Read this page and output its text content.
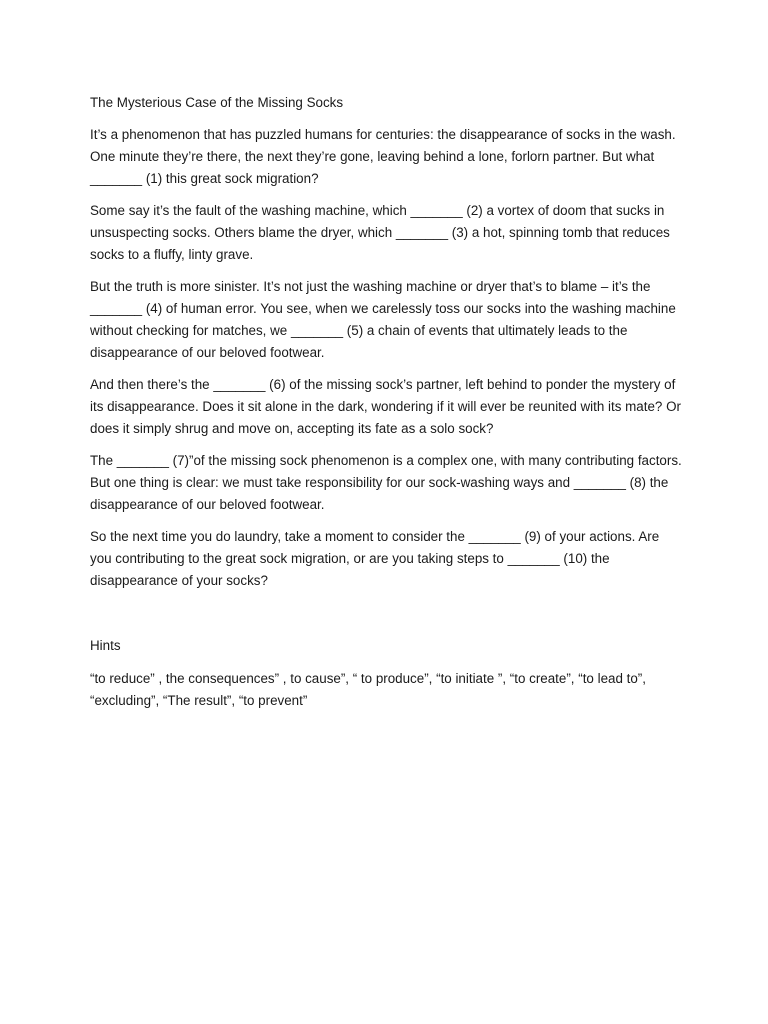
The Mysterious Case of the Missing Socks

It’s a phenomenon that has puzzled humans for centuries: the disappearance of socks in the wash. One minute they’re there, the next they’re gone, leaving behind a lone, forlorn partner. But what _______ (1) this great sock migration?

Some say it’s the fault of the washing machine, which _______ (2) a vortex of doom that sucks in unsuspecting socks. Others blame the dryer, which _______ (3) a hot, spinning tomb that reduces socks to a fluffy, linty grave.

But the truth is more sinister. It’s not just the washing machine or dryer that’s to blame – it’s the _______ (4) of human error. You see, when we carelessly toss our socks into the washing machine without checking for matches, we _______ (5) a chain of events that ultimately leads to the disappearance of our beloved footwear.

And then there’s the _______ (6) of the missing sock’s partner, left behind to ponder the mystery of its disappearance. Does it sit alone in the dark, wondering if it will ever be reunited with its mate? Or does it simply shrug and move on, accepting its fate as a solo sock?

The _______ (7)”of the missing sock phenomenon is a complex one, with many contributing factors. But one thing is clear: we must take responsibility for our sock-washing ways and _______ (8) the disappearance of our beloved footwear.

So the next time you do laundry, take a moment to consider the _______ (9) of your actions. Are you contributing to the great sock migration, or are you taking steps to _______ (10) the disappearance of your socks?

Hints

“to reduce” , the consequences” , to cause”, “ to produce”, “to initiate ”, “to create”, “to lead to”, “excluding”, “The result”, “to prevent”
